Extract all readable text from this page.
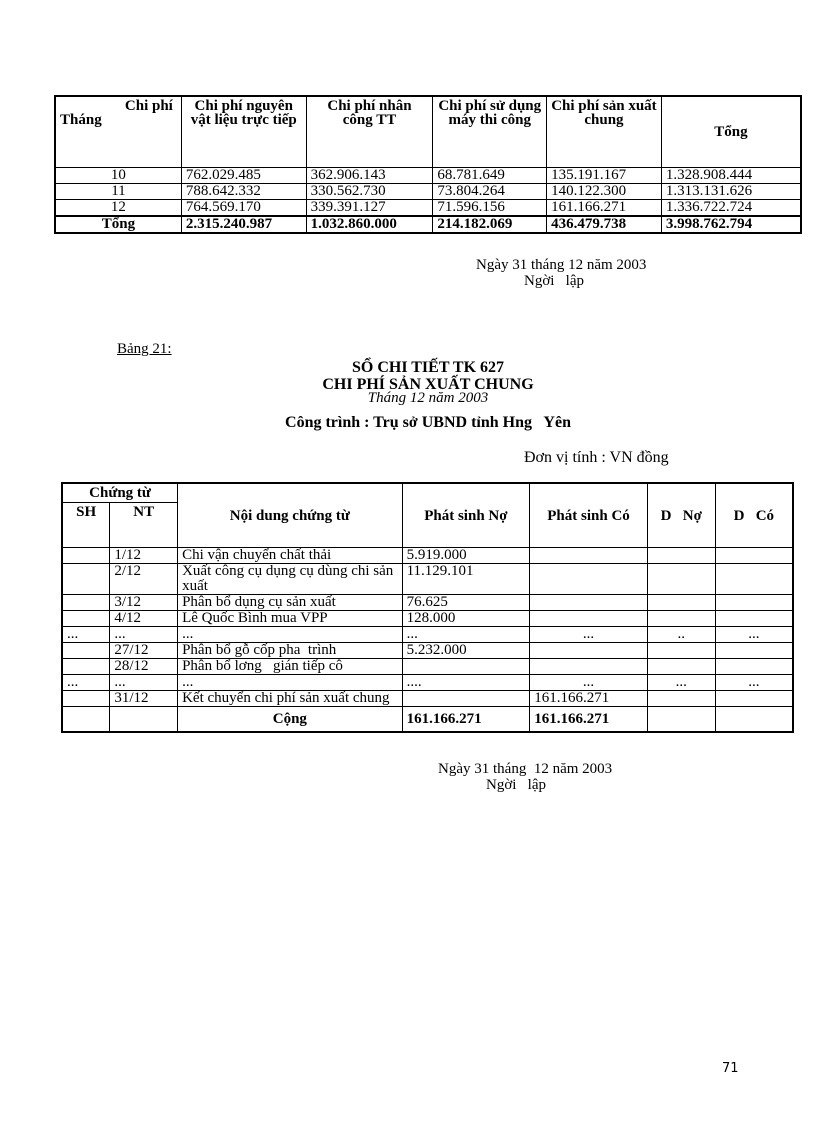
Chi phí
Tháng	Chi phí nguyên vật liệu trực tiếp	Chi phí nhân công TT	Chi phí sử dụng máy thi công	Chi phí sản xuất chung	Tổng
10	762.029.485	362.906.143	68.781.649	135.191.167	1.328.908.444
11	788.642.332	330.562.730	73.804.264	140.122.300	1.313.131.626
12	764.569.170	339.391.127	71.596.156	161.166.271	1.336.722.724
Tổng	2.315.240.987	1.032.860.000	214.182.069	436.479.738	3.998.762.794
Ngày 31 tháng 12 năm 2003
Ngời   lập
Bảng 21:
SỔ CHI TIẾT TK 627
CHI PHÍ SẢN XUẤT CHUNG
Tháng 12 năm 2003
Công trình : Trụ sở UBND tỉnh Hng   Yên
Đơn vị tính : VN đồng
Chứng từ		Nội dung chứng từ	Phát sinh Nợ	Phát sinh Có	D   Nợ	D   Có
SH	NT					
	1/12	Chi vận chuyển chất thải	5.919.000			
	2/12	Xuất công cụ dụng cụ dùng chi sản xuất	11.129.101			
	3/12	Phân bổ dụng cụ sản xuất	76.625			
	4/12	Lê Quốc Bình mua VPP	128.000			
...	...	...	...	...	..	...
	27/12	Phân bổ gỗ cốp pha  trình	5.232.000			
	28/12	Phân bổ lơng   gián tiếp cô				
...	...	...	....	...	...	...
	31/12	Kết chuyển chi phí sản xuất chung		161.166.271		
		Cộng	161.166.271	161.166.271		
Ngày 31 tháng  12 năm 2003
Ngời   lập
71
